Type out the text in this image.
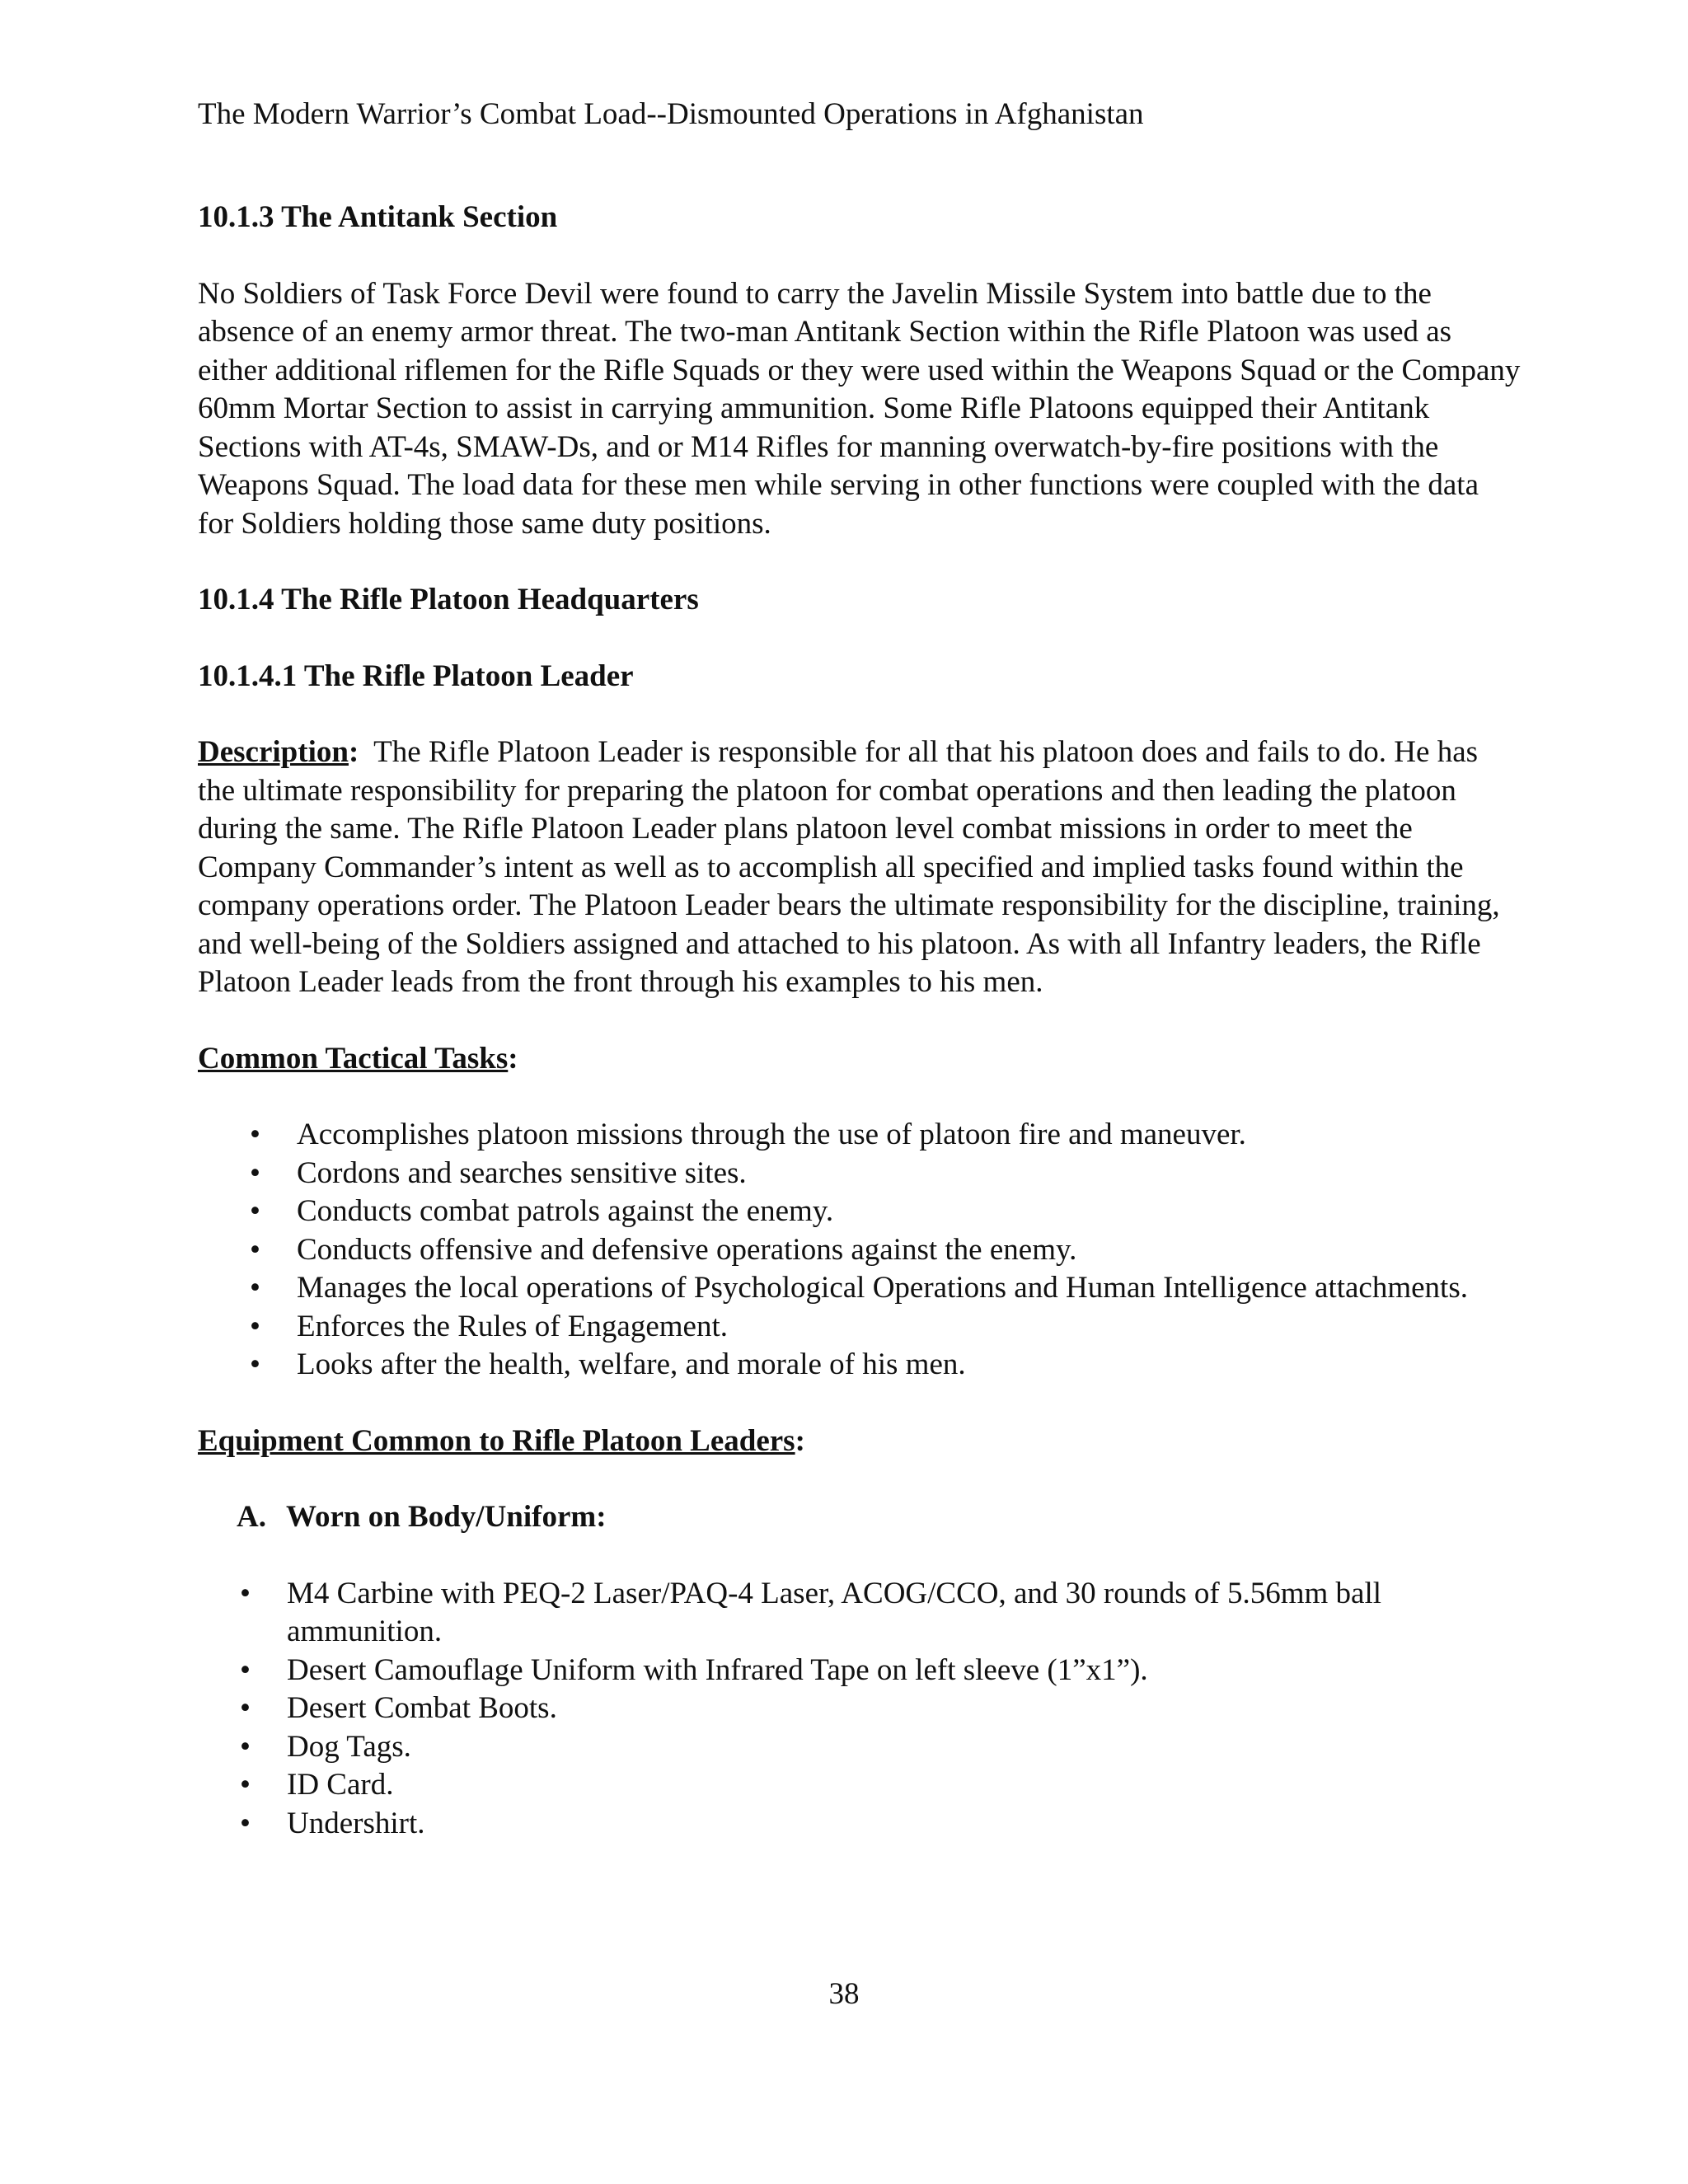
The Modern Warrior’s Combat Load--Dismounted Operations in Afghanistan

10.1.3 The Antitank Section

No Soldiers of Task Force Devil were found to carry the Javelin Missile System into battle due to the absence of an enemy armor threat. The two-man Antitank Section within the Rifle Platoon was used as either additional riflemen for the Rifle Squads or they were used within the Weapons Squad or the Company 60mm Mortar Section to assist in carrying ammunition. Some Rifle Platoons equipped their Antitank Sections with AT-4s, SMAW-Ds, and or M14 Rifles for manning overwatch-by-fire positions with the Weapons Squad. The load data for these men while serving in other functions were coupled with the data for Soldiers holding those same duty positions.

10.1.4 The Rifle Platoon Headquarters

10.1.4.1 The Rifle Platoon Leader

Description: The Rifle Platoon Leader is responsible for all that his platoon does and fails to do. He has the ultimate responsibility for preparing the platoon for combat operations and then leading the platoon during the same. The Rifle Platoon Leader plans platoon level combat missions in order to meet the Company Commander’s intent as well as to accomplish all specified and implied tasks found within the company operations order. The Platoon Leader bears the ultimate responsibility for the discipline, training, and well-being of the Soldiers assigned and attached to his platoon. As with all Infantry leaders, the Rifle Platoon Leader leads from the front through his examples to his men.

Common Tactical Tasks:

• Accomplishes platoon missions through the use of platoon fire and maneuver.
• Cordons and searches sensitive sites.
• Conducts combat patrols against the enemy.
• Conducts offensive and defensive operations against the enemy.
• Manages the local operations of Psychological Operations and Human Intelligence attachments.
• Enforces the Rules of Engagement.
• Looks after the health, welfare, and morale of his men.

Equipment Common to Rifle Platoon Leaders:

A. Worn on Body/Uniform:

• M4 Carbine with PEQ-2 Laser/PAQ-4 Laser, ACOG/CCO, and 30 rounds of 5.56mm ball ammunition.
• Desert Camouflage Uniform with Infrared Tape on left sleeve (1”x1”).
• Desert Combat Boots.
• Dog Tags.
• ID Card.
• Undershirt.
38
